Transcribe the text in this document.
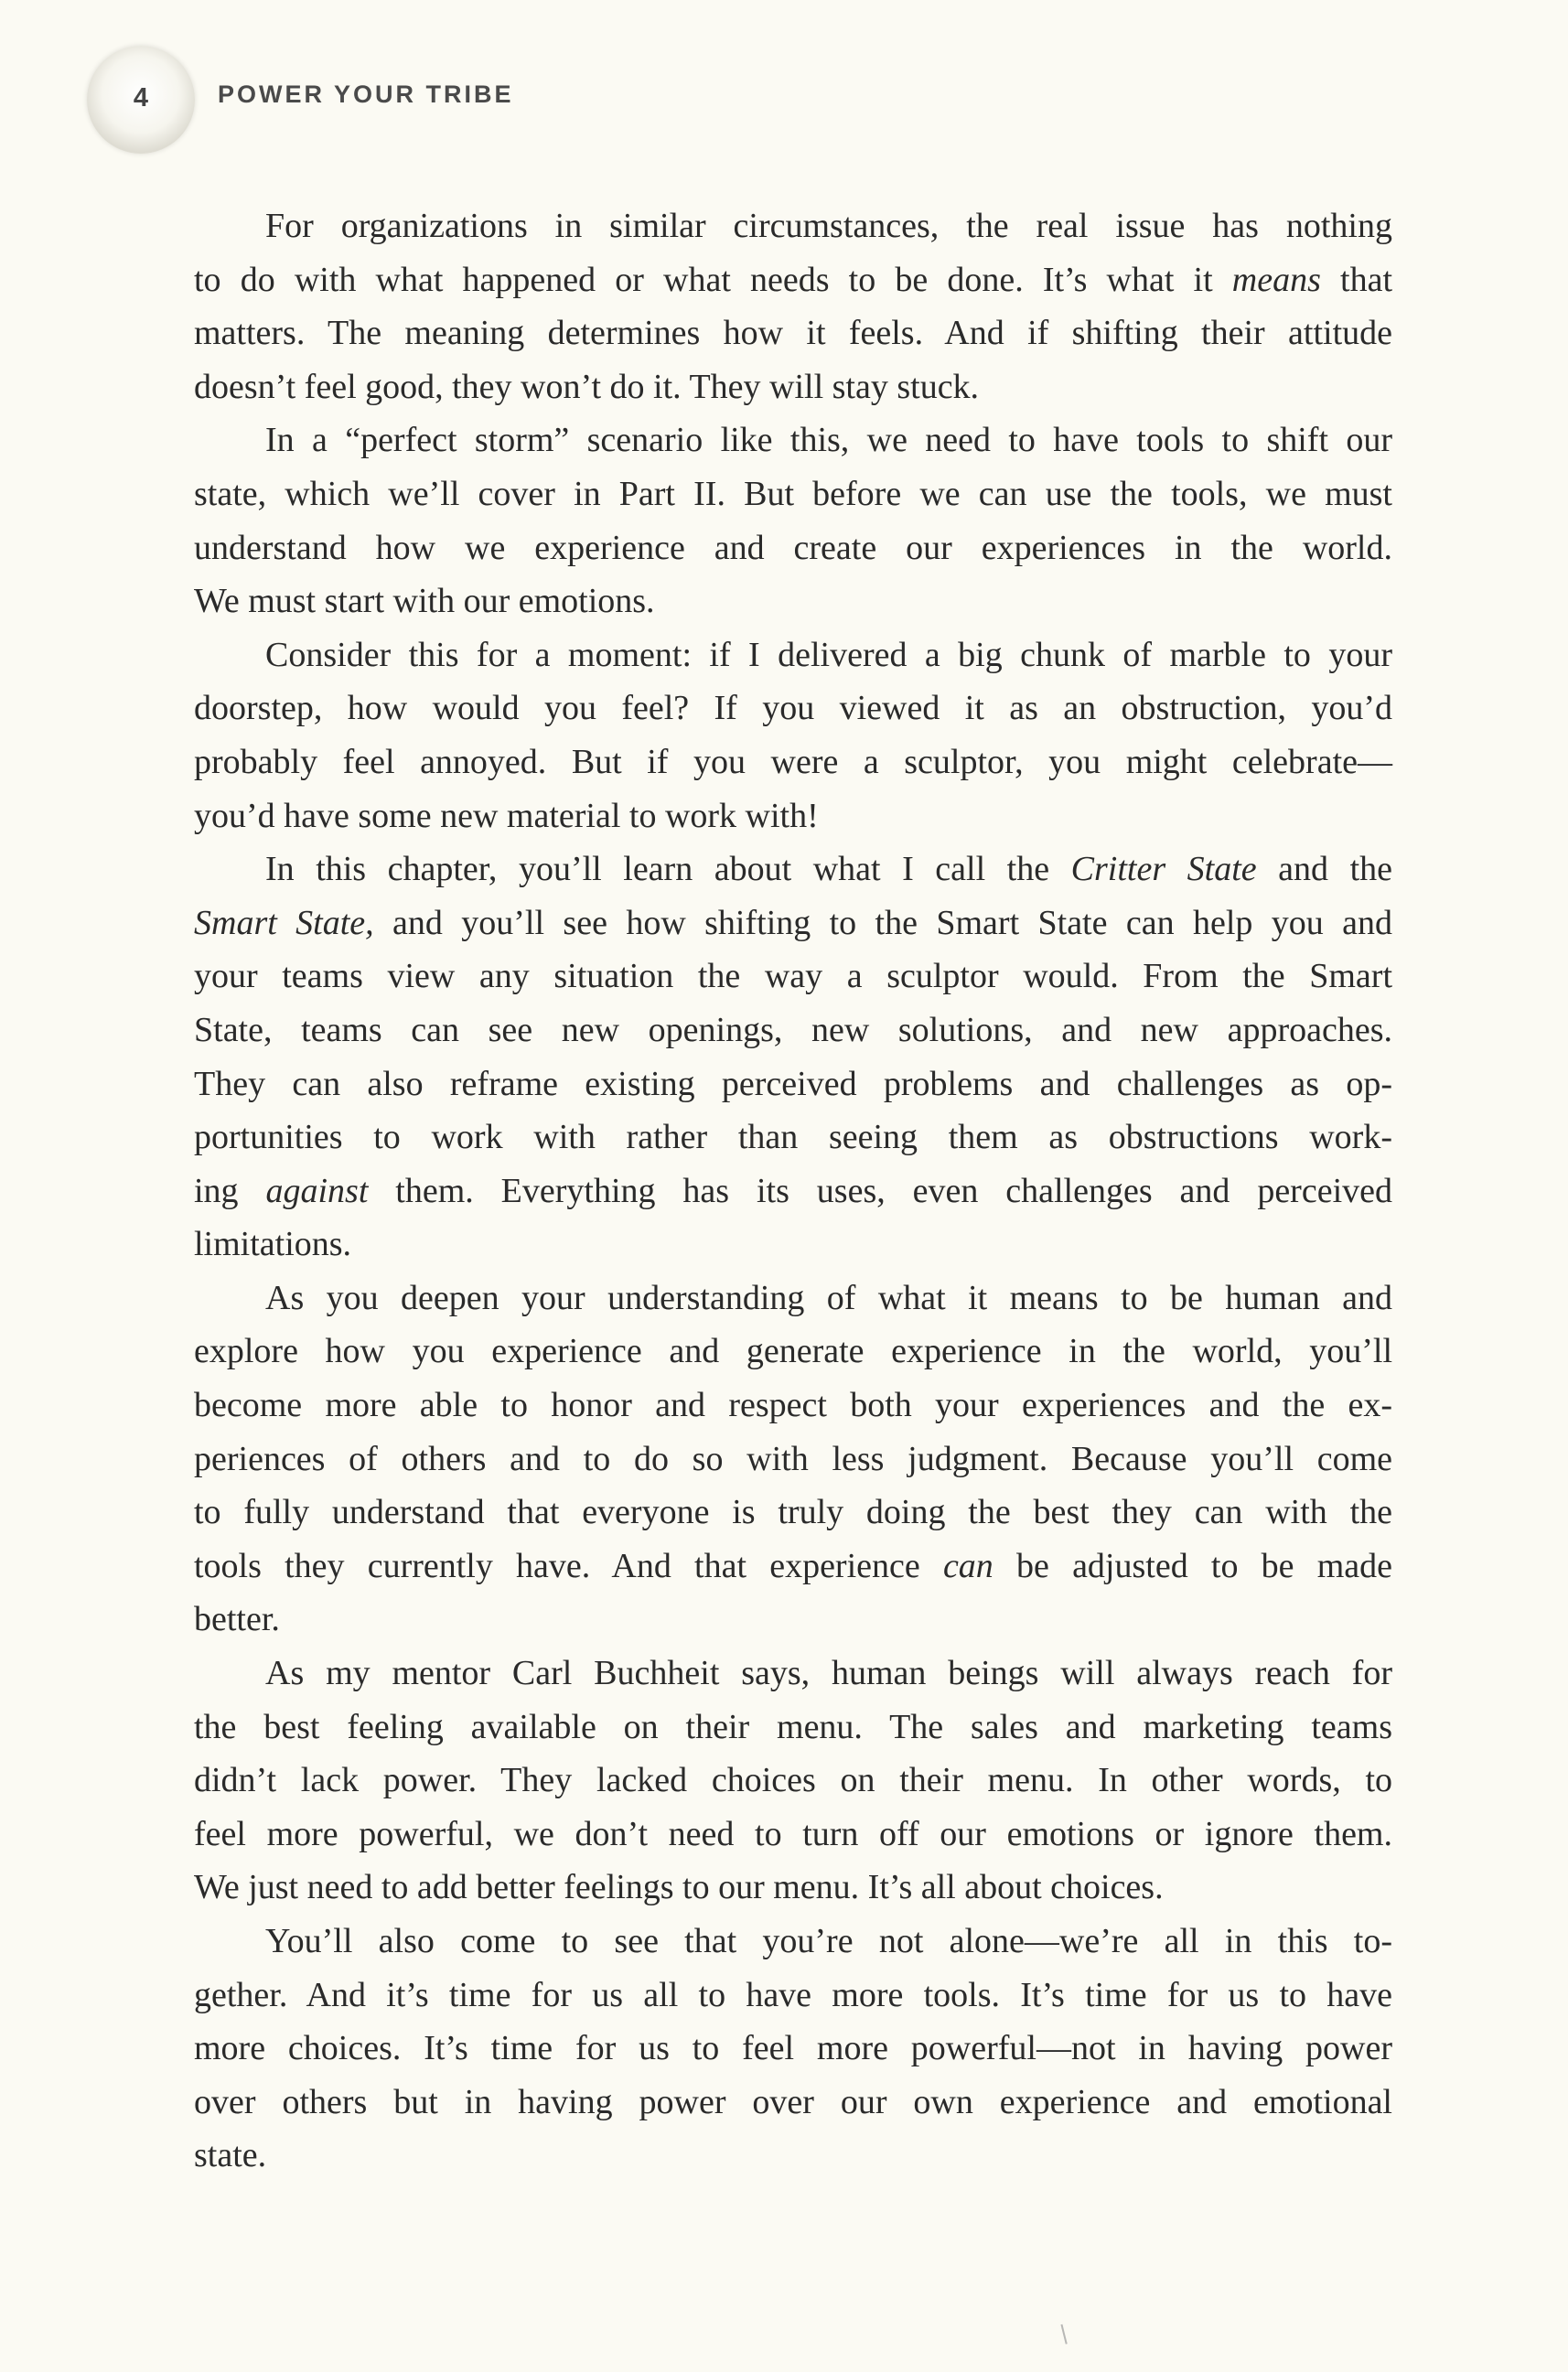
4	POWER YOUR TRIBE
For organizations in similar circumstances, the real issue has nothing
to do with what happened or what needs to be done. It’s what it means that
matters. The meaning determines how it feels. And if shifting their attitude
doesn’t feel good, they won’t do it. They will stay stuck.
In a “perfect storm” scenario like this, we need to have tools to shift our
state, which we’ll cover in Part II. But before we can use the tools, we must
understand how we experience and create our experiences in the world.
We must start with our emotions.
Consider this for a moment: if I delivered a big chunk of marble to your
doorstep, how would you feel? If you viewed it as an obstruction, you’d
probably feel annoyed. But if you were a sculptor, you might celebrate—
you’d have some new material to work with!
In this chapter, you’ll learn about what I call the Critter State and the
Smart State, and you’ll see how shifting to the Smart State can help you and
your teams view any situation the way a sculptor would. From the Smart
State, teams can see new openings, new solutions, and new approaches.
They can also reframe existing perceived problems and challenges as op-
portunities to work with rather than seeing them as obstructions work-
ing against them. Everything has its uses, even challenges and perceived
limitations.
As you deepen your understanding of what it means to be human and
explore how you experience and generate experience in the world, you’ll
become more able to honor and respect both your experiences and the ex-
periences of others and to do so with less judgment. Because you’ll come
to fully understand that everyone is truly doing the best they can with the
tools they currently have. And that experience can be adjusted to be made
better.
As my mentor Carl Buchheit says, human beings will always reach for
the best feeling available on their menu. The sales and marketing teams
didn’t lack power. They lacked choices on their menu. In other words, to
feel more powerful, we don’t need to turn off our emotions or ignore them.
We just need to add better feelings to our menu. It’s all about choices.
You’ll also come to see that you’re not alone—we’re all in this to-
gether. And it’s time for us all to have more tools. It’s time for us to have
more choices. It’s time for us to feel more powerful—not in having power
over others but in having power over our own experience and emotional
state.
